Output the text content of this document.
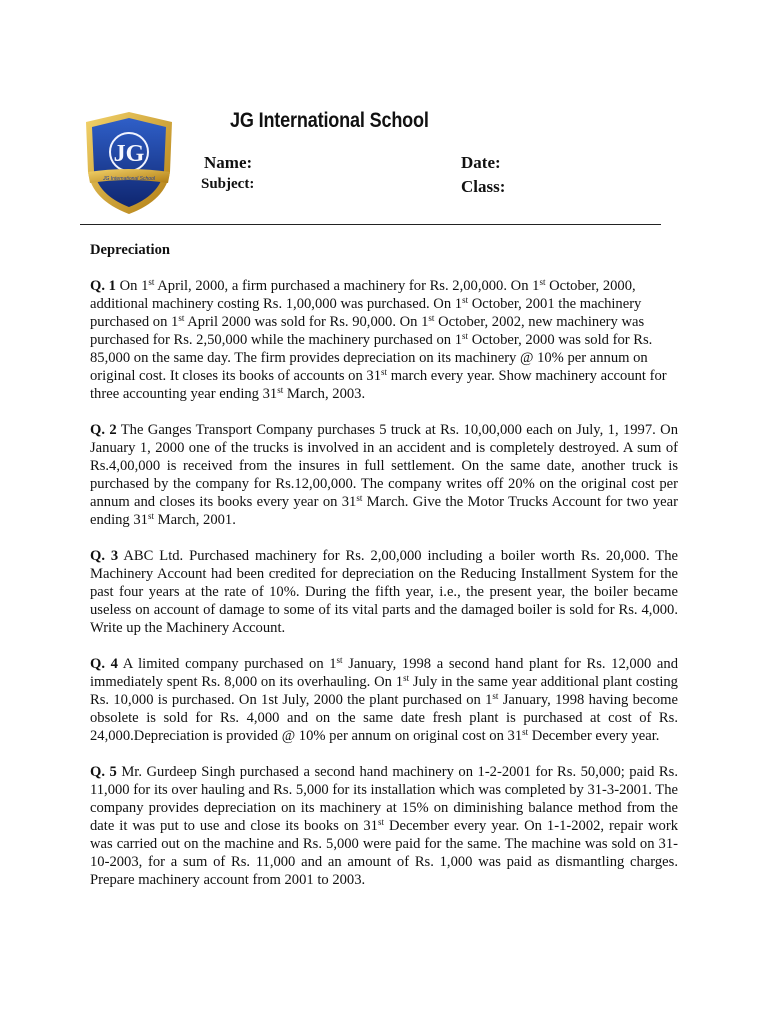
JG
JG International School
JG International School
Name:
Subject:
Date:
Class:
Depreciation

Q. 1 On 1st April, 2000, a firm purchased a machinery for Rs. 2,00,000. On 1st October, 2000, additional machinery costing Rs. 1,00,000 was purchased. On 1st October, 2001 the machinery purchased on 1st April 2000 was sold for Rs. 90,000. On 1st October, 2002, new machinery was purchased for Rs. 2,50,000 while the machinery purchased on 1st October, 2000 was sold for Rs. 85,000 on the same day. The firm provides depreciation on its machinery @ 10% per annum on original cost. It closes its books of accounts on 31st march every year. Show machinery account for three accounting year ending 31st March, 2003.

Q. 2 The Ganges Transport Company purchases 5 truck at Rs. 10,00,000 each on July, 1, 1997. On January 1, 2000 one of the trucks is involved in an accident and is completely destroyed. A sum of Rs.4,00,000 is received from the insures in full settlement. On the same date, another truck is purchased by the company for Rs.12,00,000. The company writes off 20% on the original cost per annum and closes its books every year on 31st March. Give the Motor Trucks Account for two year ending 31st March, 2001.

Q. 3 ABC Ltd. Purchased machinery for Rs. 2,00,000 including a boiler worth Rs. 20,000. The Machinery Account had been credited for depreciation on the Reducing Installment System for the past four years at the rate of 10%. During the fifth year, i.e., the present year, the boiler became useless on account of damage to some of its vital parts and the damaged boiler is sold for Rs. 4,000. Write up the Machinery Account.

Q. 4 A limited company purchased on 1st January, 1998 a second hand plant for Rs. 12,000 and immediately spent Rs. 8,000 on its overhauling. On 1st July in the same year additional plant costing Rs. 10,000 is purchased. On 1st July, 2000 the plant purchased on 1st January, 1998 having become obsolete is sold for Rs. 4,000 and on the same date fresh plant is purchased at cost of Rs. 24,000.Depreciation is provided @ 10% per annum on original cost on 31st December every year.

Q. 5 Mr. Gurdeep Singh purchased a second hand machinery on 1-2-2001 for Rs. 50,000; paid Rs. 11,000 for its over hauling and Rs. 5,000 for its installation which was completed by 31-3-2001. The company provides depreciation on its machinery at 15% on diminishing balance method from the date it was put to use and close its books on 31st December every year. On 1-1-2002, repair work was carried out on the machine and Rs. 5,000 were paid for the same. The machine was sold on 31-10-2003, for a sum of Rs. 11,000 and an amount of Rs. 1,000 was paid as dismantling charges. Prepare machinery account from 2001 to 2003.
